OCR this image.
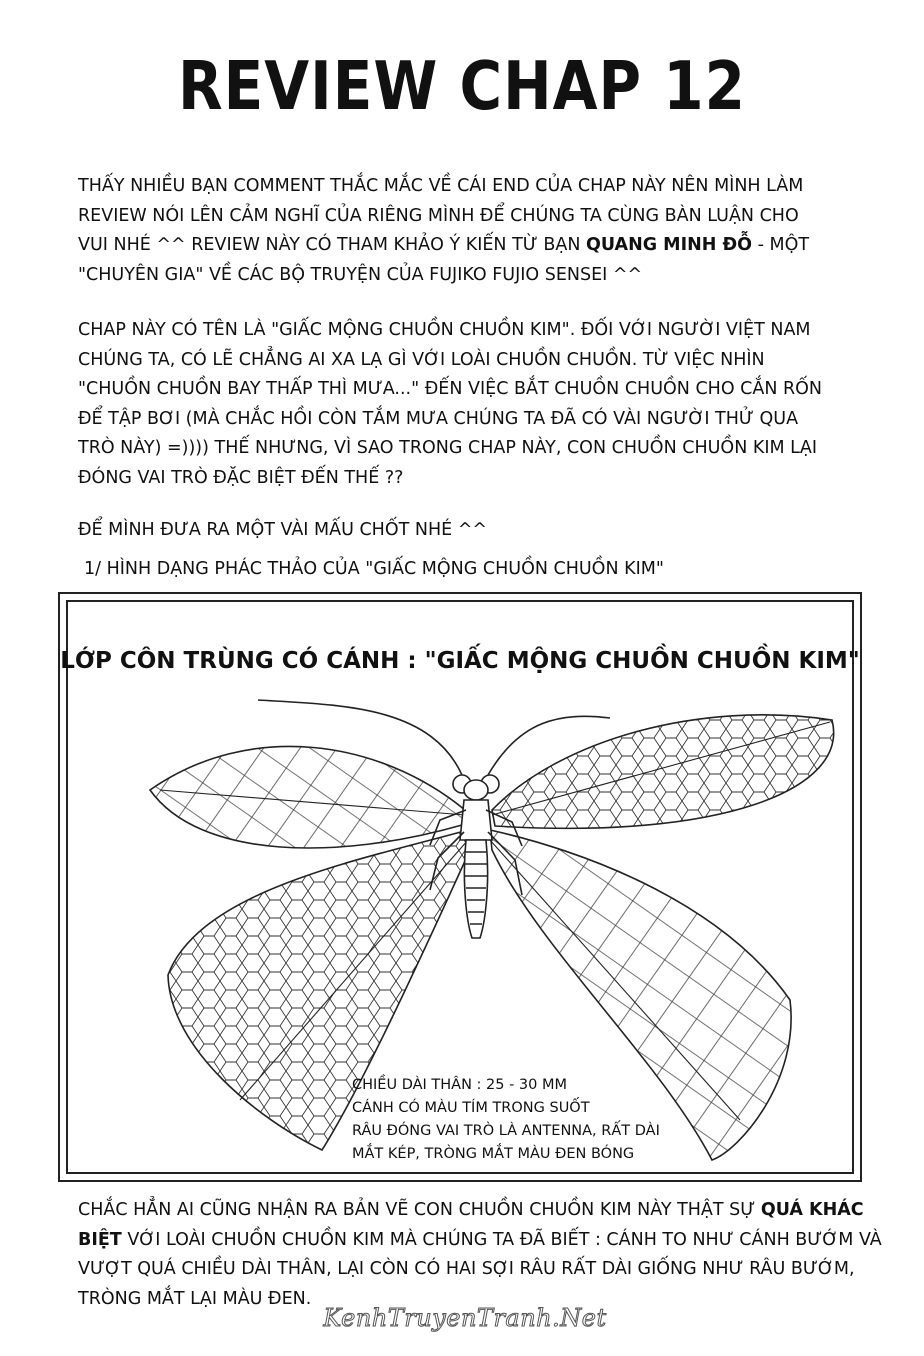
REVIEW CHAP 12
THẤY NHIỀU BẠN COMMENT THẮC MẮC VỀ CÁI END CỦA CHAP NÀY NÊN MÌNH LÀM
REVIEW NÓI LÊN CẢM NGHĨ CỦA RIÊNG MÌNH ĐỂ CHÚNG TA CÙNG BÀN LUẬN CHO
VUI NHÉ ^^ REVIEW NÀY CÓ THAM KHẢO Ý KIẾN TỪ BẠN QUANG MINH ĐỖ - MỘT
"CHUYÊN GIA" VỀ CÁC BỘ TRUYỆN CỦA FUJIKO FUJIO SENSEI ^^
CHAP NÀY CÓ TÊN LÀ "GIẤC MỘNG CHUỒN CHUỒN KIM". ĐỐI VỚI NGƯỜI VIỆT NAM
CHÚNG TA, CÓ LẼ CHẲNG AI XA LẠ GÌ VỚI LOÀI CHUỒN CHUỒN. TỪ VIỆC NHÌN
"CHUỒN CHUỒN BAY THẤP THÌ MƯA..." ĐẾN VIỆC BẮT CHUỒN CHUỒN CHO CẮN RỐN
ĐỂ TẬP BƠI (MÀ CHẮC HỒI CÒN TẮM MƯA CHÚNG TA ĐÃ CÓ VÀI NGƯỜI THỬ QUA
TRÒ NÀY) =)))) THẾ NHƯNG, VÌ SAO TRONG CHAP NÀY, CON CHUỒN CHUỒN KIM LẠI
ĐÓNG VAI TRÒ ĐẶC BIỆT ĐẾN THẾ ??
ĐỂ MÌNH ĐƯA RA MỘT VÀI MẤU CHỐT NHÉ ^^
1/ HÌNH DẠNG PHÁC THẢO CỦA "GIẤC MỘNG CHUỒN CHUỒN KIM"
LỚP CÔN TRÙNG CÓ CÁNH : "GIẤC MỘNG CHUỒN CHUỒN KIM"
CHIỀU DÀI THÂN : 25 - 30 MM
CÁNH CÓ MÀU TÍM TRONG SUỐT
RÂU ĐÓNG VAI TRÒ LÀ ANTENNA, RẤT DÀI
MẮT KÉP, TRÒNG MẮT MÀU ĐEN BÓNG
CHẮC HẲN AI CŨNG NHẬN RA BẢN VẼ CON CHUỒN CHUỒN KIM NÀY THẬT SỰ QUÁ KHÁC
BIỆT VỚI LOÀI CHUỒN CHUỒN KIM MÀ CHÚNG TA ĐÃ BIẾT : CÁNH TO NHƯ CÁNH BƯỚM VÀ
VƯỢT QUÁ CHIỀU DÀI THÂN, LẠI CÒN CÓ HAI SỢI RÂU RẤT DÀI GIỐNG NHƯ RÂU BƯỚM,
TRÒNG MẮT LẠI MÀU ĐEN.
KenhTruyenTranh.Net
